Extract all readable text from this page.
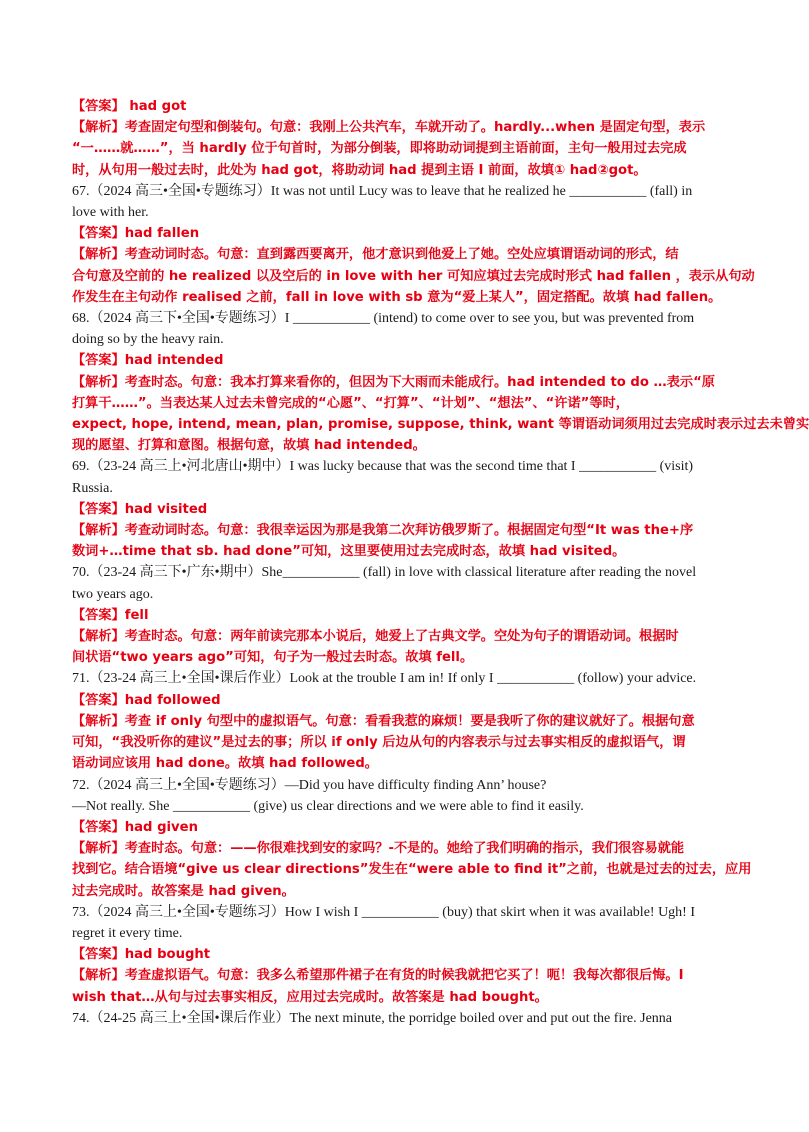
【答案】 had got
【解析】考查固定句型和倒装句。句意：我刚上公共汽车，车就开动了。hardly...when 是固定句型，表示
“一……就……”，当 hardly 位于句首时，为部分倒装，即将助动词提到主语前面，主句一般用过去完成
时，从句用一般过去时，此处为 had got，将助动词 had 提到主语 I 前面，故填① had②got。
67.（2024 高三•全国•专题练习）It was not until Lucy was to leave that he realized he ___________ (fall) in
love with her.
【答案】had fallen
【解析】考查动词时态。句意：直到露西要离开，他才意识到他爱上了她。空处应填谓语动词的形式，结
合句意及空前的 he realized 以及空后的 in love with her 可知应填过去完成时形式 had fallen ，表示从句动
作发生在主句动作 realised 之前，fall in love with sb 意为“爱上某人”，固定搭配。故填 had fallen。
68.（2024 高三下•全国•专题练习）I ___________ (intend) to come over to see you, but was prevented from
doing so by the heavy rain.
【答案】had intended
【解析】考查时态。句意：我本打算来看你的，但因为下大雨而未能成行。had intended to do …表示“原
打算干……”。当表达某人过去未曾完成的“心愿”、“打算”、“计划”、“想法”、“许诺”等时，
expect, hope, intend, mean, plan, promise, suppose, think, want 等谓语动词须用过去完成时表示过去未曾实
现的愿望、打算和意图。根据句意，故填 had intended。
69.（23-24 高三上•河北唐山•期中）I was lucky because that was the second time that I ___________ (visit)
Russia.
【答案】had visited
【解析】考查动词时态。句意：我很幸运因为那是我第二次拜访俄罗斯了。根据固定句型“It was the+序
数词+…time that sb. had done”可知，这里要使用过去完成时态，故填 had visited。
70.（23-24 高三下•广东•期中）She___________ (fall) in love with classical literature after reading the novel
two years ago.
【答案】fell
【解析】考查时态。句意：两年前读完那本小说后，她爱上了古典文学。空处为句子的谓语动词。根据时
间状语“two years ago”可知，句子为一般过去时态。故填 fell。
71.（23-24 高三上•全国•课后作业）Look at the trouble I am in! If only I ___________ (follow) your advice.
【答案】had followed
【解析】考查 if only 句型中的虚拟语气。句意：看看我惹的麻烦！要是我听了你的建议就好了。根据句意
可知，“我没听你的建议”是过去的事；所以 if only 后边从句的内容表示与过去事实相反的虚拟语气，谓
语动词应该用 had done。故填 had followed。
72.（2024 高三上•全国•专题练习）—Did you have difficulty finding Ann’ house?
—Not really. She ___________ (give) us clear directions and we were able to find it easily.
【答案】had given
【解析】考查时态。句意：——你很难找到安的家吗？-不是的。她给了我们明确的指示，我们很容易就能
找到它。结合语境“give us clear directions”发生在“were able to find it”之前，也就是过去的过去，应用
过去完成时。故答案是 had given。
73.（2024 高三上•全国•专题练习）How I wish I ___________ (buy) that skirt when it was available! Ugh! I
regret it every time.
【答案】had bought
【解析】考查虚拟语气。句意：我多么希望那件裙子在有货的时候我就把它买了！呃！我每次都很后悔。I
wish that…从句与过去事实相反，应用过去完成时。故答案是 had bought。
74.（24-25 高三上•全国•课后作业）The next minute, the porridge boiled over and put out the fire. Jenna
